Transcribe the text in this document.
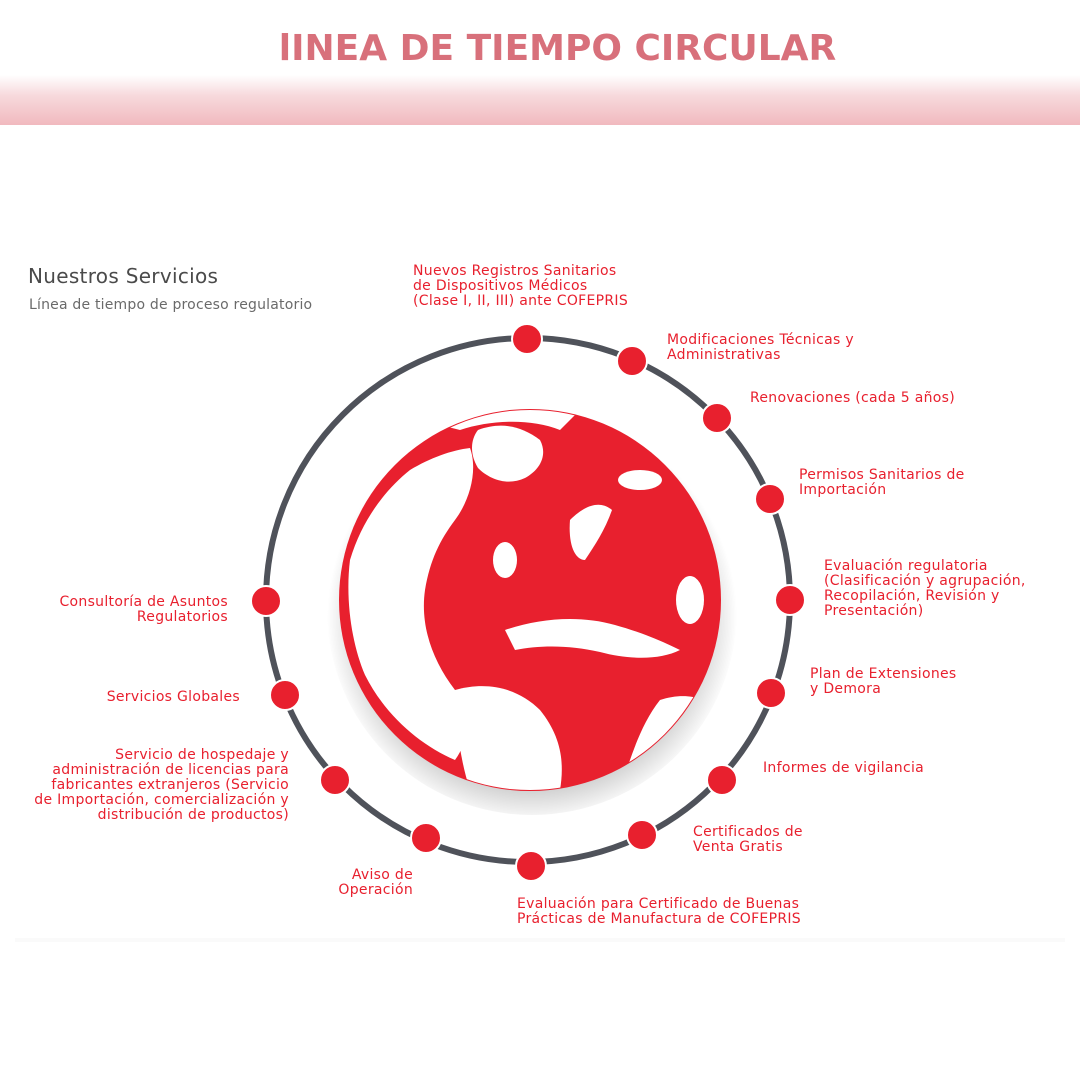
lINEA DE TIEMPO CIRCULAR
Nuestros Servicios
Línea de tiempo de proceso regulatorio
Nuevos Registros Sanitarios
de Dispositivos Médicos
(Clase I, II, III) ante COFEPRIS
Modificaciones Técnicas y
Administrativas
Renovaciones (cada 5 años)
Permisos Sanitarios de
Importación
Evaluación regulatoria
(Clasificación y agrupación,
Recopilación, Revisión y
Presentación)
Plan de Extensiones
y Demora
Informes de vigilancia
Certificados de
Venta Gratis
Evaluación para Certificado de Buenas
Prácticas de Manufactura de COFEPRIS
Aviso de
Operación
Servicio de hospedaje y
administración de licencias para
fabricantes extranjeros (Servicio
de Importación, comercialización y
distribución de productos)
Servicios Globales
Consultoría de Asuntos
Regulatorios
